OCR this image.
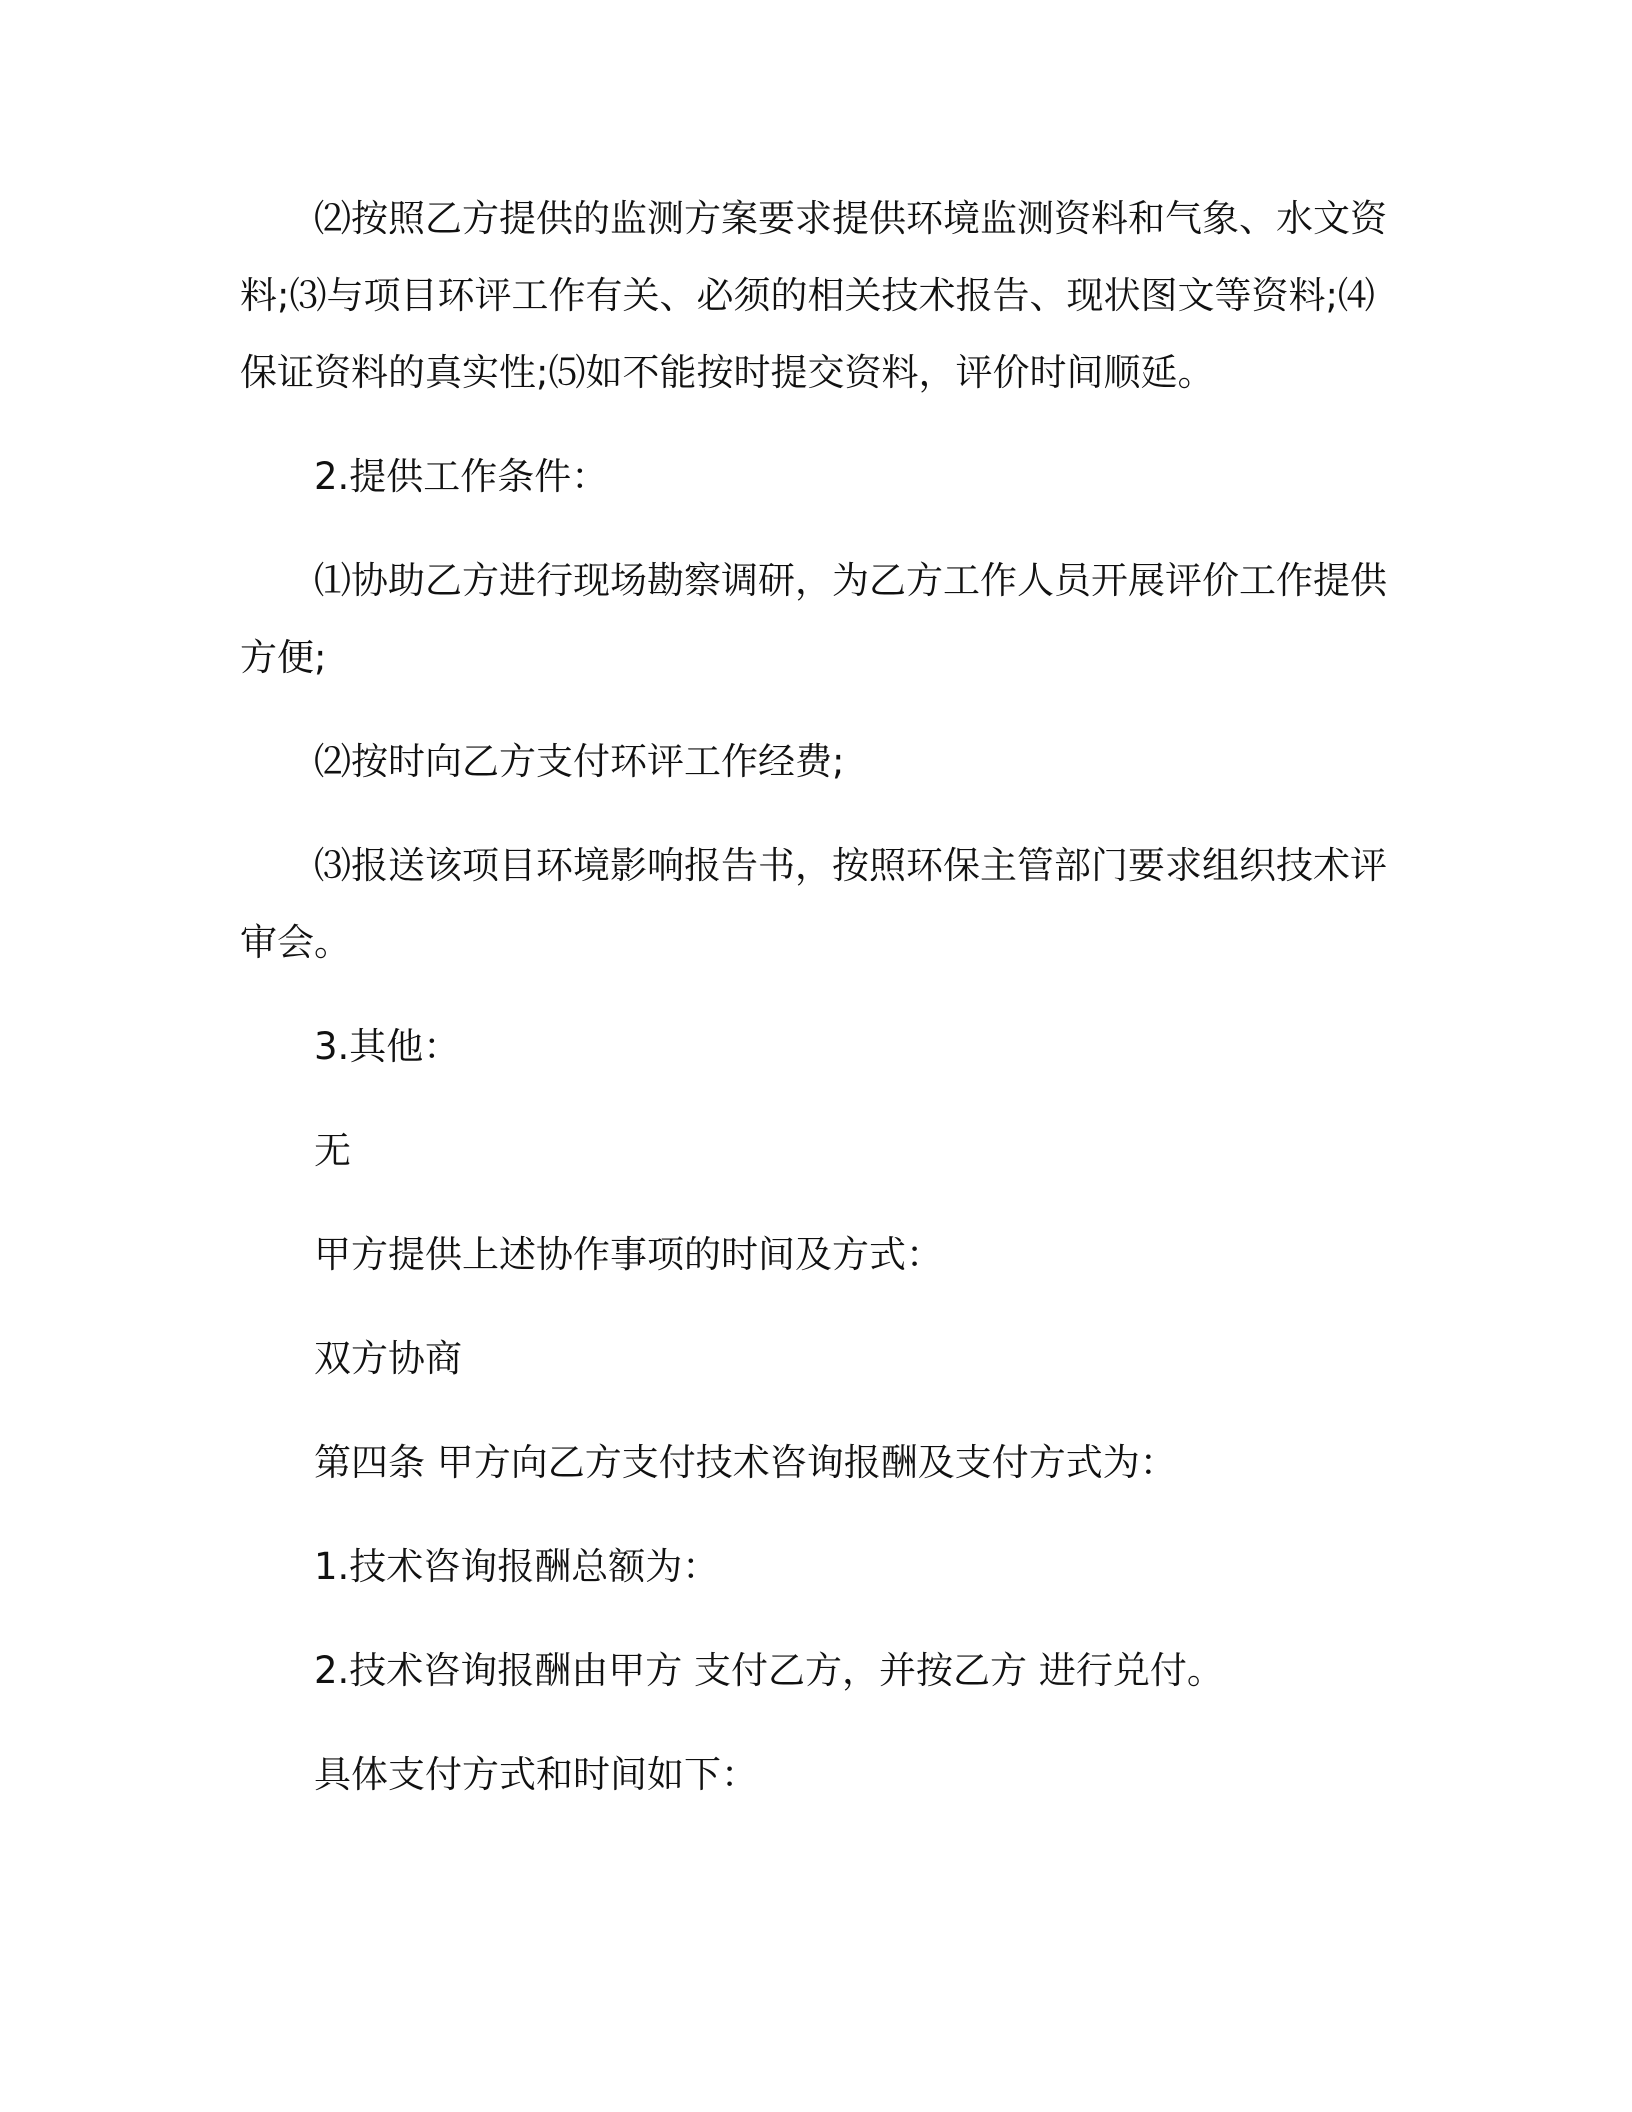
⑵按照乙方提供的监测方案要求提供环境监测资料和气象、水文资料;⑶与项目环评工作有关、必须的相关技术报告、现状图文等资料;⑷保证资料的真实性;⑸如不能按时提交资料，评价时间顺延。

2.提供工作条件：

⑴协助乙方进行现场勘察调研，为乙方工作人员开展评价工作提供方便;

⑵按时向乙方支付环评工作经费;

⑶报送该项目环境影响报告书，按照环保主管部门要求组织技术评审会。

3.其他：

无

甲方提供上述协作事项的时间及方式：

双方协商

第四条 甲方向乙方支付技术咨询报酬及支付方式为：

1.技术咨询报酬总额为：

2.技术咨询报酬由甲方 支付乙方，并按乙方 进行兑付。

具体支付方式和时间如下：
